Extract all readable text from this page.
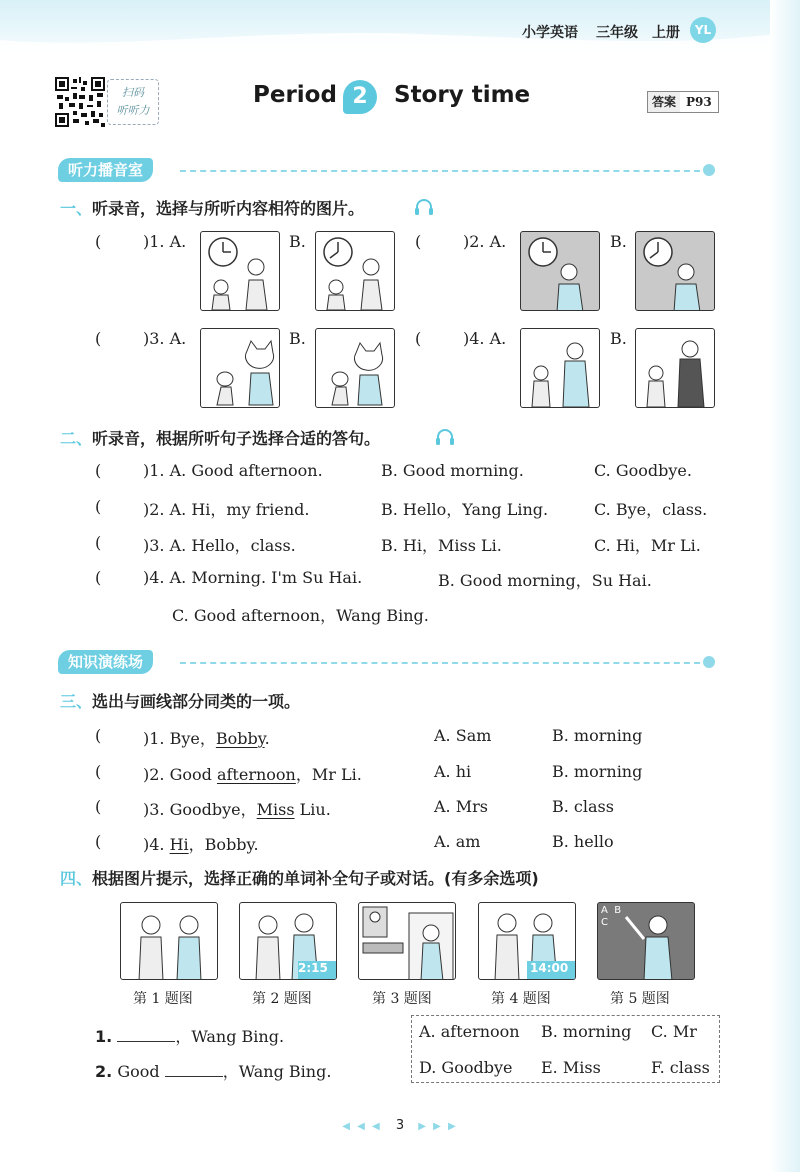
小学英语 三年级 上册	YL
扫码
听听力
Period 2	Story time	答案 P93
听力播音室
一、听录音，选择与所听内容相符的图片。
(	)1. A.	B.	(	)2. A.	B.
(	)3. A.	B.	(	)4. A.	B.
二、听录音，根据所听句子选择合适的答句。
(	)1. A. Good afternoon.	B. Good morning.	C. Goodbye.
(	)2. A. Hi，my friend.	B. Hello，Yang Ling.	C. Bye，class.
(	)3. A. Hello，class.	B. Hi，Miss Li.	C. Hi，Mr Li.
(	)4. A. Morning. I'm Su Hai.	B. Good morning，Su Hai.
C. Good afternoon，Wang Bing.
知识演练场
三、选出与画线部分同类的一项。
(	)1. Bye，Bobby.	A. Sam	B. morning
(	)2. Good afternoon，Mr Li.	A. hi	B. morning
(	)3. Goodbye，Miss Liu.	A. Mrs	B. class
(	)4. Hi，Bobby.	A. am	B. hello
四、根据图片提示，选择正确的单词补全句子或对话。(有多余选项)
2:15	14:00
A  B
C
第 1 题图	第 2 题图	第 3 题图	第 4 题图	第 5 题图
1.	，Wang Bing.
2. Good	，Wang Bing.
A. afternoon B. morning C. Mr
D. Goodbye E. Miss	F. class
◀ ◀ ◀ 3 ▶ ▶ ▶
